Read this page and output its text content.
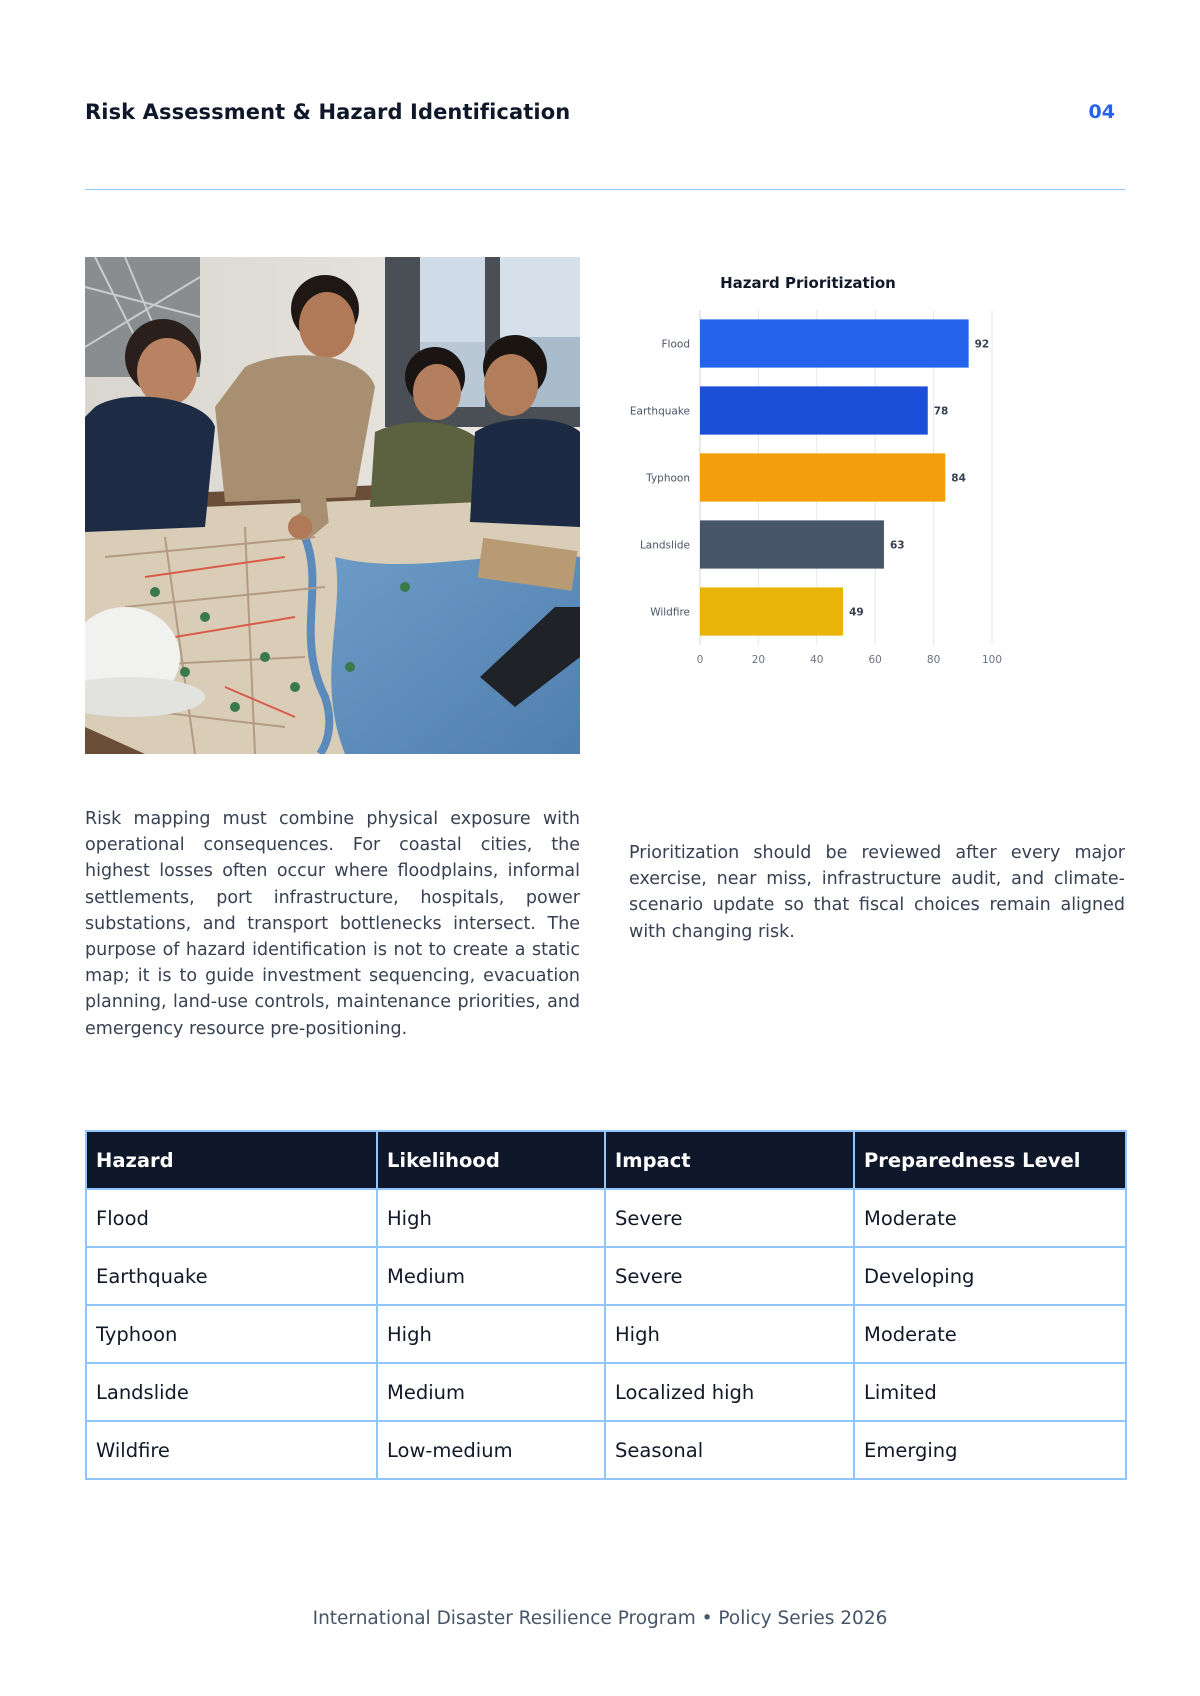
Risk Assessment & Hazard Identification	04
Hazard Prioritization
Flood	92
Earthquake	78
Typhoon	84
Landslide	63
Wildfire	49
0	20	40	60	80	100

Risk mapping must combine physical exposure with operational consequences. For coastal cities, the highest losses often occur where floodplains, informal settlements, port infrastructure, hospitals, power substations, and transport bottlenecks intersect. The purpose of hazard identification is not to create a static map; it is to guide investment sequencing, evacuation planning, land-use controls, maintenance priorities, and emergency resource pre-positioning.

Prioritization should be reviewed after every major exercise, near miss, infrastructure audit, and climate-scenario update so that fiscal choices remain aligned with changing risk.

Hazard	Likelihood	Impact	Preparedness Level
Flood	High	Severe	Moderate
Earthquake	Medium	Severe	Developing
Typhoon	High	High	Moderate
Landslide	Medium	Localized high	Limited
Wildfire	Low-medium	Seasonal	Emerging
International Disaster Resilience Program • Policy Series 2026
